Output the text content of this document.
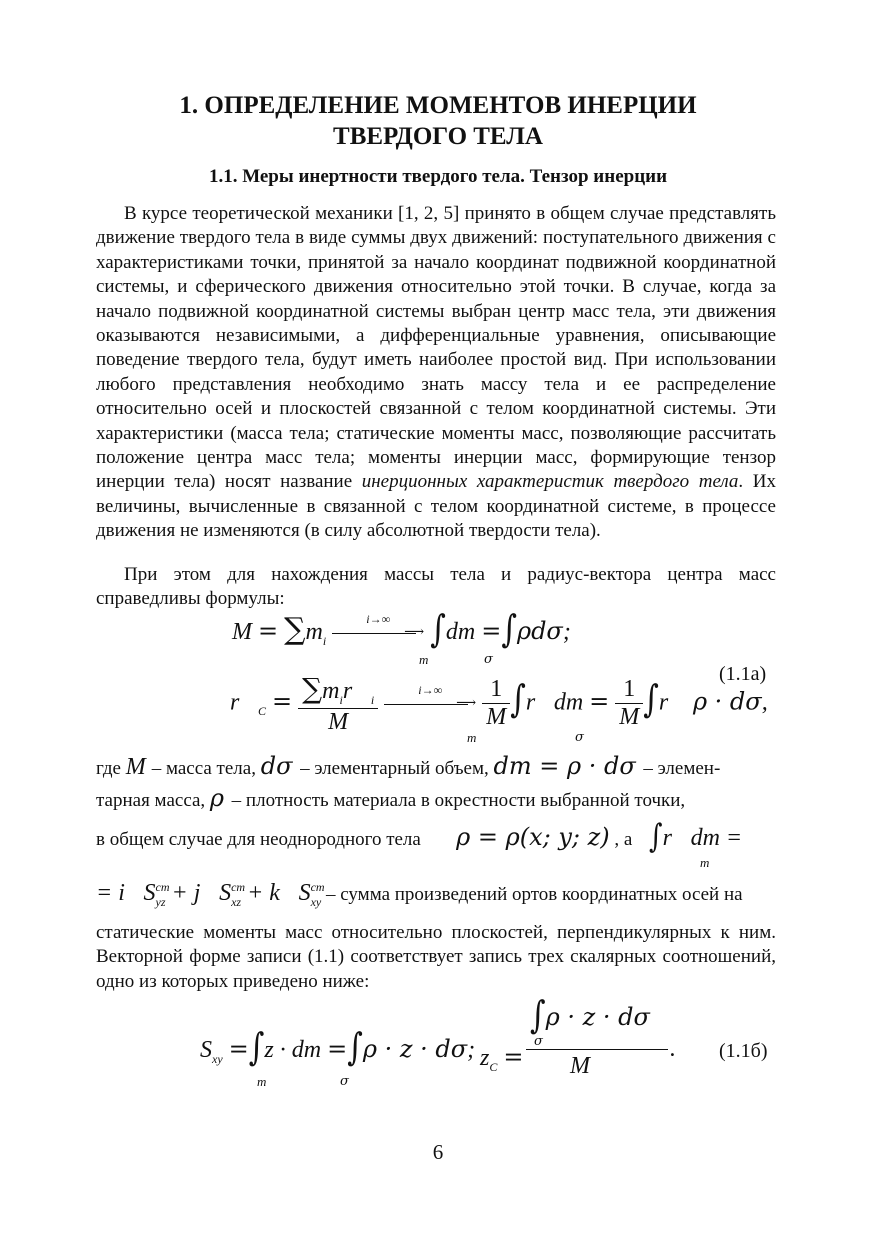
1. ОПРЕДЕЛЕНИЕ МОМЕНТОВ ИНЕРЦИИ
ТВЕРДОГО ТЕЛА
1.1. Меры инертности твердого тела. Тензор инерции

В курсе теоретической механики [1, 2, 5] принято в общем случае представлять движение твердого тела в виде суммы двух движений: поступательного движения с характеристиками точки, принятой за начало координат подвижной координатной системы, и сферического движения относительно этой точки. В случае, когда за начало подвижной координатной системы выбран центр масс тела, эти движения оказываются независимыми, а дифференциальные уравнения, описывающие поведение твердого тела, будут иметь наиболее простой вид. При использовании любого представления необходимо знать массу тела и ее распределение относительно осей и плоскостей связанной с телом координатной системы. Эти характеристики (масса тела; статические моменты масс, позволяющие рассчитать положение центра масс тела; моменты инерции масс, формирующие тензор инерции тела) носят название инерционных характеристик твердого тела. Их величины, вычисленные в связанной с телом координатной системе, в процессе движения не изменяются (в силу абсолютной твердости тела).

При этом для нахождения массы тела и радиус-вектора центра масс справедливы формулы:

$M = \sum m_i$
i→∞
⟶ ∫dm =∫ρdσ;
m	σ
(1.1а)
$r⃗_C = \frac{\sum m_ir⃗_i}{M}$
	i→∞
⟶
$\frac{1}{M}$ ∫r⃗dm = $\frac{1}{M}$ ∫r⃗ ρ · dσ,
m	σ
где M – масса тела, dσ – элементарный объем, dm = ρ · dσ – элемен-
тарная масса, ρ – плотность материала в окрестности выбранной точки,
в общем случае для неоднородного тела     ρ = ρ(x; y; z) , а ∫r⃗dm =
m
= $i⃗S^{ст}_{yz}$ + $j⃗S^{ст}_{xz}$ + $k⃗S^{ст}_{xy}$ – сумма произведений ортов координатных осей на

статические моменты масс относительно плоскостей, перпендикулярных к ним. Векторной форме записи (1.1) соответствует запись трех скалярных соотношений, одно из которых приведено ниже:

$S_{xy} =\int z$ · dm =∫ρ · z · dσ;
m	σ
$z_C$ =
∫ρ · z · dσ
σ	.
M
(1.1б)
6
